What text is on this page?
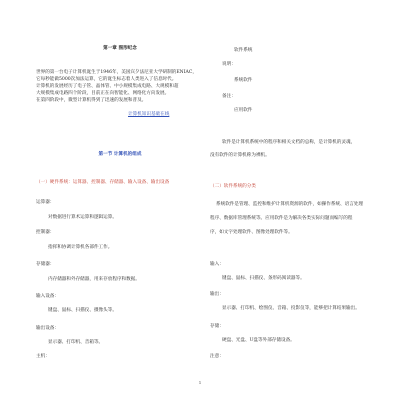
第一章 图形纪念
世界的第一台电子计算机诞生于1946年，美国宾夕法尼亚大学研制的ENIAC，
它每秒能做5000次加法运算，它的诞生标志着人类进入了信息时代。
计算机的发展经历了电子管、晶体管、中小规模集成电路、大规模和超
大规模集成电路四个阶段，目前正在向智能化、网络化方向发展。
在第四阶段中，微型计算机得到了迅速的发展和普及。
计算机知识基础在线
第一节 计算机的组成
（一）硬件系统：运算器、控制器、存储器、输入设备、输出设备
运算器：
对数据进行算术运算和逻辑运算。
控制器：
指挥和协调计算机各部件工作。
存储器：
内存储器和外存储器，用来存放程序和数据。
输入设备：
键盘、鼠标、扫描仪、摄像头等。
输出设备：
显示器、打印机、音箱等。
主机：
软件系统
说明：
系统软件
备注：
应用软件
软件是计算机系统中的程序和相关文档的总称，是计算机的灵魂，
没有软件的计算机称为裸机。
（二）软件系统的分类
系统软件是管理、监控和维护计算机资源的软件，如操作系统、语言处理
程序、数据库管理系统等。应用软件是为解决各类实际问题而编写的程
序，如文字处理软件、图像处理软件等。
输入：
键盘、鼠标、扫描仪、条形码阅读器等。
输出：
显示器、打印机、绘图仪、音箱、投影仪等，能够把计算结果输出。
存储：
硬盘、光盘、U盘等外部存储设备。
注意：
1
